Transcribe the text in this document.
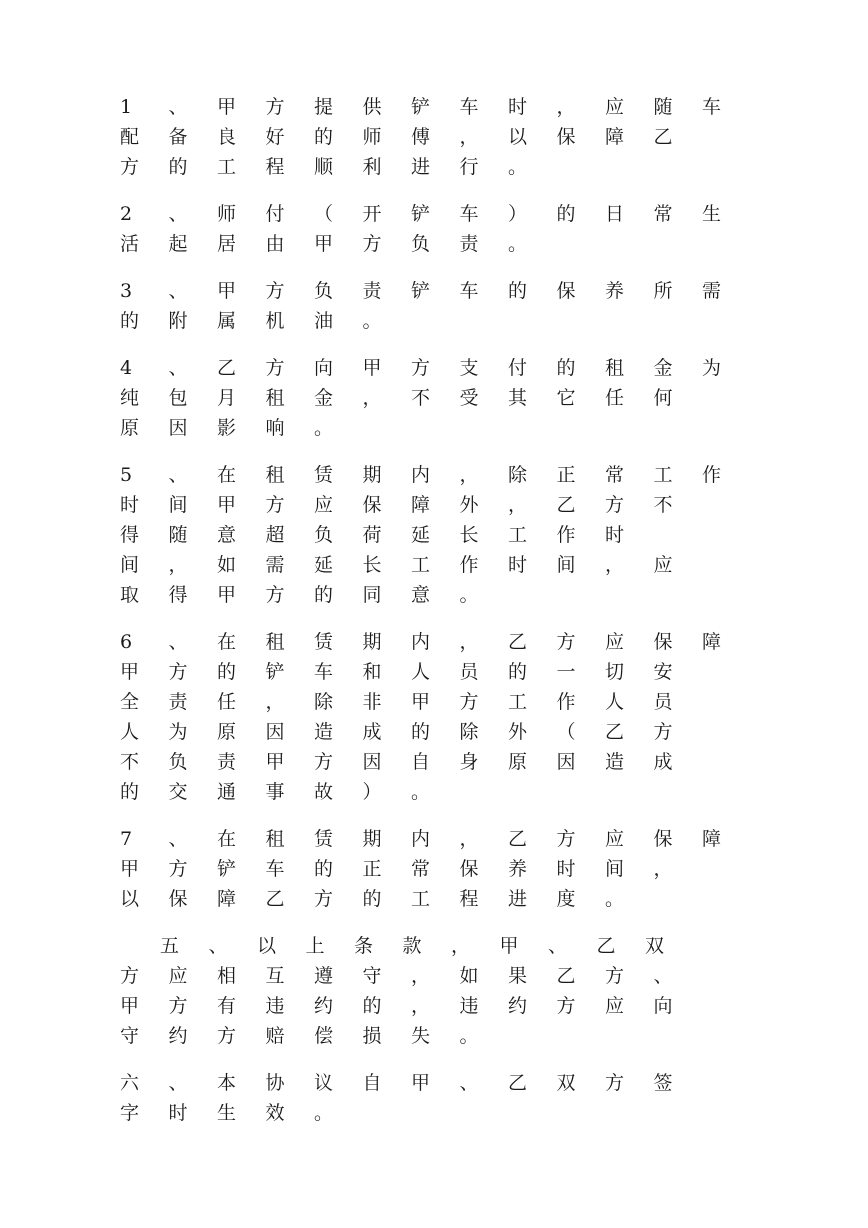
1 、 甲 方 提 供 铲 车 时 ， 应 随 车
配 备 良 好 的 师 傅 ， 以 保 障 乙
方 的 工 程 顺 利 进 行 。
2 、 师 付 （ 开 铲 车 ） 的 日 常 生
活 起 居 由 甲 方 负 责 。
3 、 甲 方 负 责 铲 车 的 保 养 所 需
的 附 属 机 油 。
4 、 乙 方 向 甲 方 支 付 的 租 金 为
纯 包 月 租 金 ， 不 受 其 它 任 何
原 因 影 响 。
5 、 在 租 赁 期 内 ， 除 正 常 工 作
时 间 甲 方 应 保 障 外 ， 乙 方 不
得 随 意 超 负 荷 延 长 工 作 时
间 ， 如 需 延 长 工 作 时 间 ， 应
取 得 甲 方 的 同 意 。
6 、 在 租 赁 期 内 ， 乙 方 应 保 障
甲 方 的 铲 车 和 人 员 的 一 切 安
全 责 任 ， 除 非 甲 方 工 作 人 员
人 为 原 因 造 成 的 除 外 （ 乙 方
不 负 责 甲 方 因 自 身 原 因 造 成
的 交 通 事 故 ） 。
7 、 在 租 赁 期 内 ， 乙 方 应 保 障
甲 方 铲 车 的 正 常 保 养 时 间 ，
以 保 障 乙 方 的 工 程 进 度 。
五 、 以 上 条 款 ， 甲 、 乙 双
方 应 相 互 遵 守 ， 如 果 乙 方 、
甲 方 有 违 约 的 ， 违 约 方 应 向
守 约 方 赔 偿 损 失 。
六 、 本 协 议 自 甲 、 乙 双 方 签
字 时 生 效 。
